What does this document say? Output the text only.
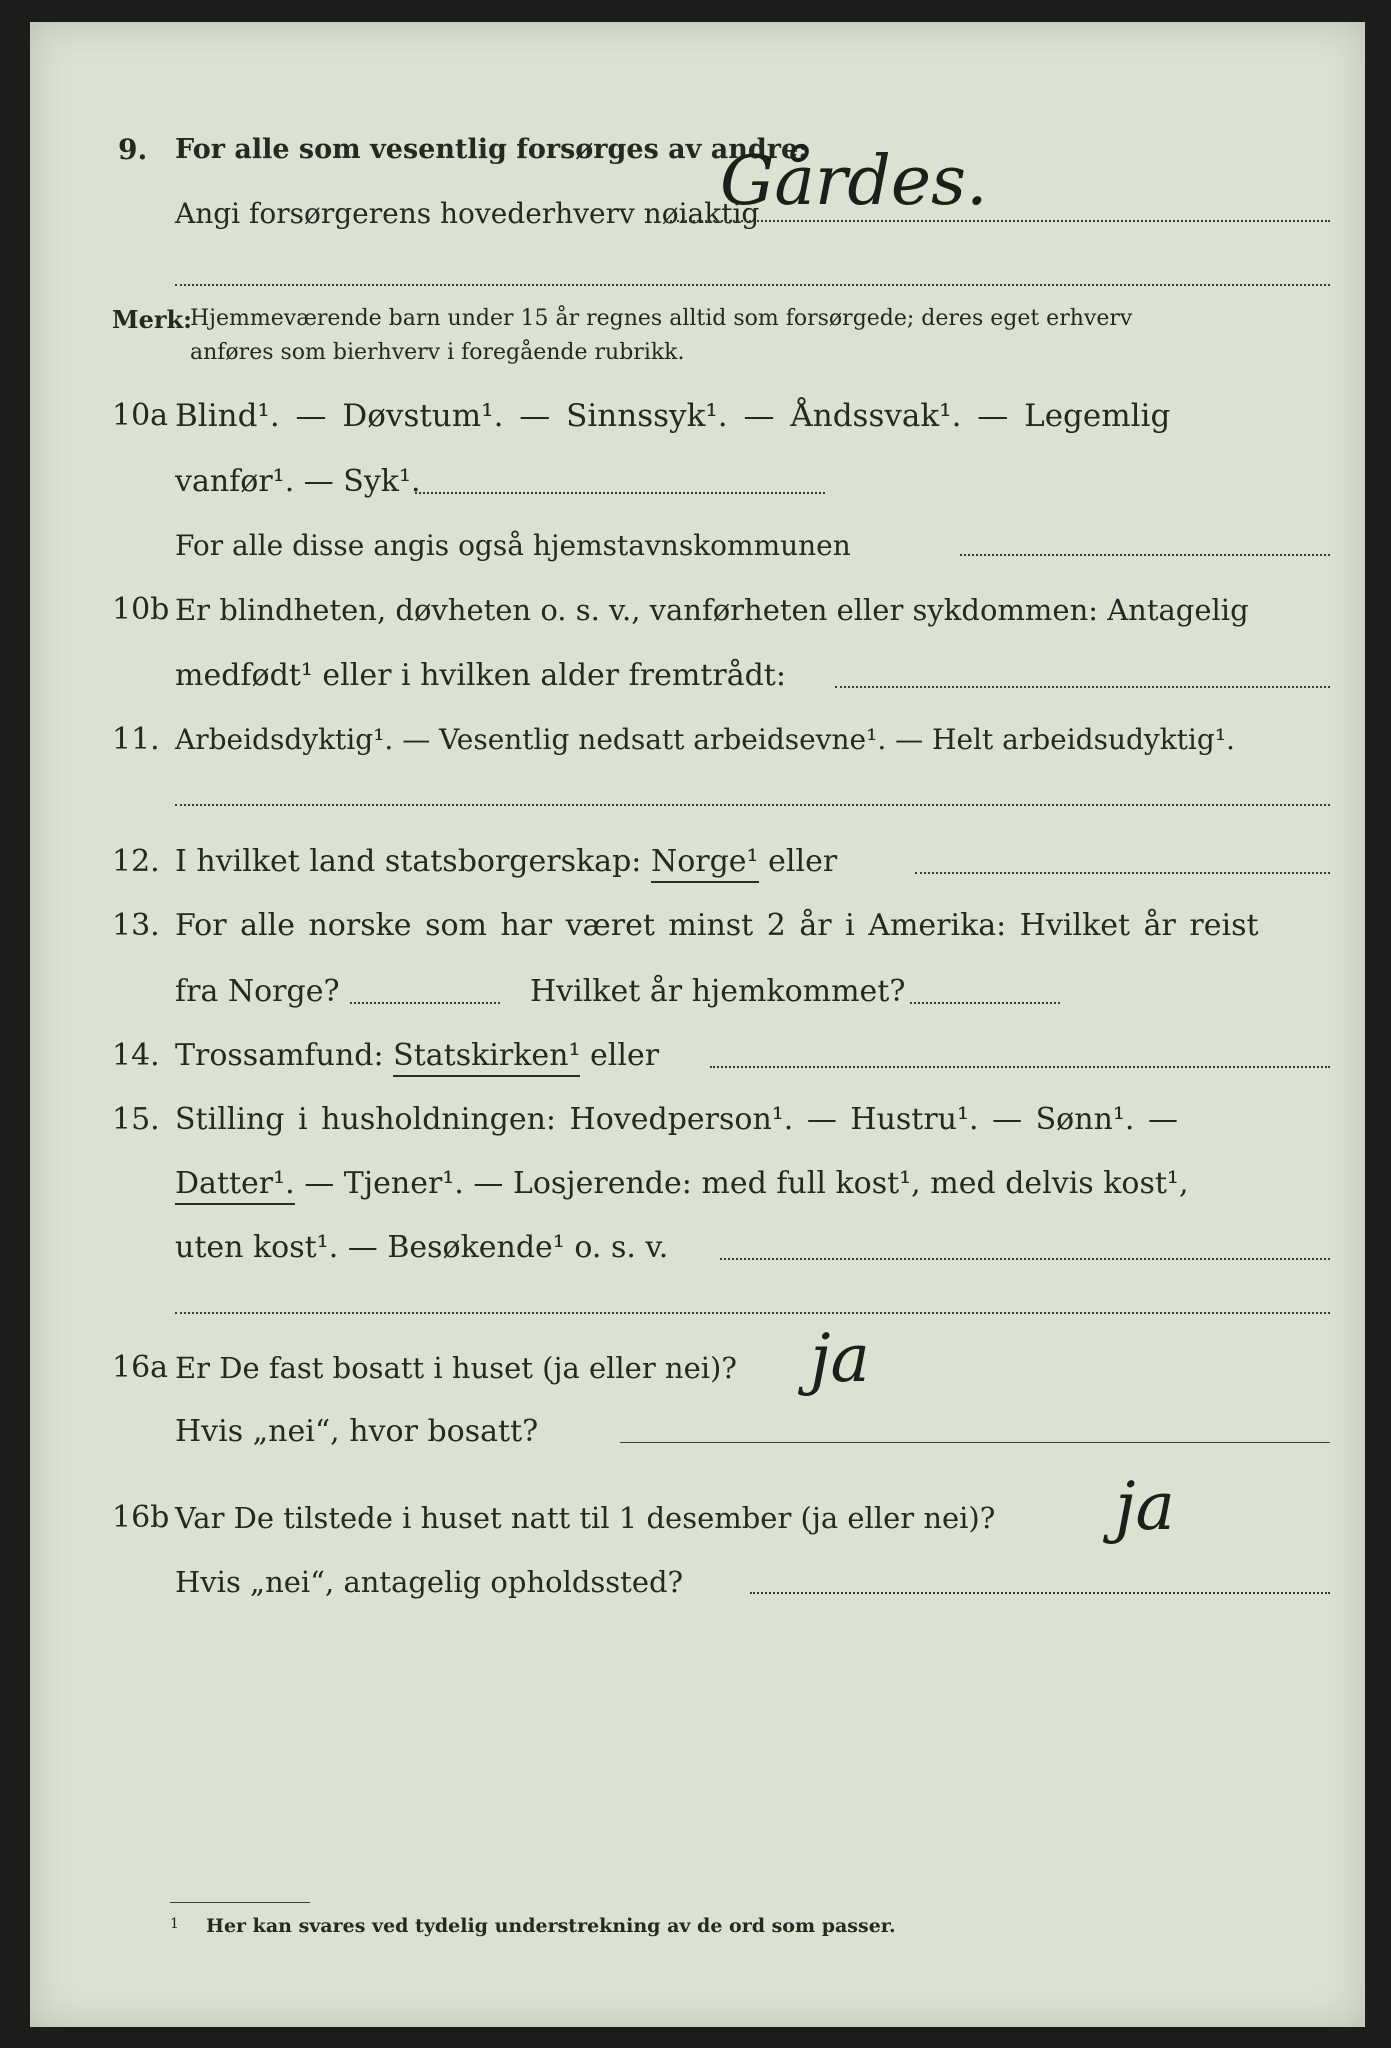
9. For alle som vesentlig forsørges av andre:
Angi forsørgerens hovederhverv nøiaktig
Gårdes.
Merk:
Hjemmeværende barn under 15 år regnes alltid som forsørgede; deres eget erhverv
anføres som bierhverv i foregående rubrikk.
10a Blind¹. — Døvstum¹. — Sinnssyk¹. — Åndssvak¹. — Legemlig
vanfør¹. — Syk¹.
For alle disse angis også hjemstavnskommunen
10b Er blindheten, døvheten o. s. v., vanførheten eller sykdommen: Antagelig
medfødt¹ eller i hvilken alder fremtrådt:
11. Arbeidsdyktig¹. — Vesentlig nedsatt arbeidsevne¹. — Helt arbeidsudyktig¹.
12. I hvilket land statsborgerskap: Norge¹ eller
13. For alle norske som har været minst 2 år i Amerika: Hvilket år reist
fra Norge?	Hvilket år hjemkommet?
14. Trossamfund: Statskirken¹ eller
15. Stilling i husholdningen: Hovedperson¹. — Hustru¹. — Sønn¹. —
Datter¹. — Tjener¹. — Losjerende: med full kost¹, med delvis kost¹,
uten kost¹. — Besøkende¹ o. s. v.
16a Er De fast bosatt i huset (ja eller nei)? ja
Hvis „nei“, hvor bosatt?
16b Var De tilstede i huset natt til 1 desember (ja eller nei)? ja
Hvis „nei“, antagelig opholdssted?
1 Her kan svares ved tydelig understrekning av de ord som passer.
